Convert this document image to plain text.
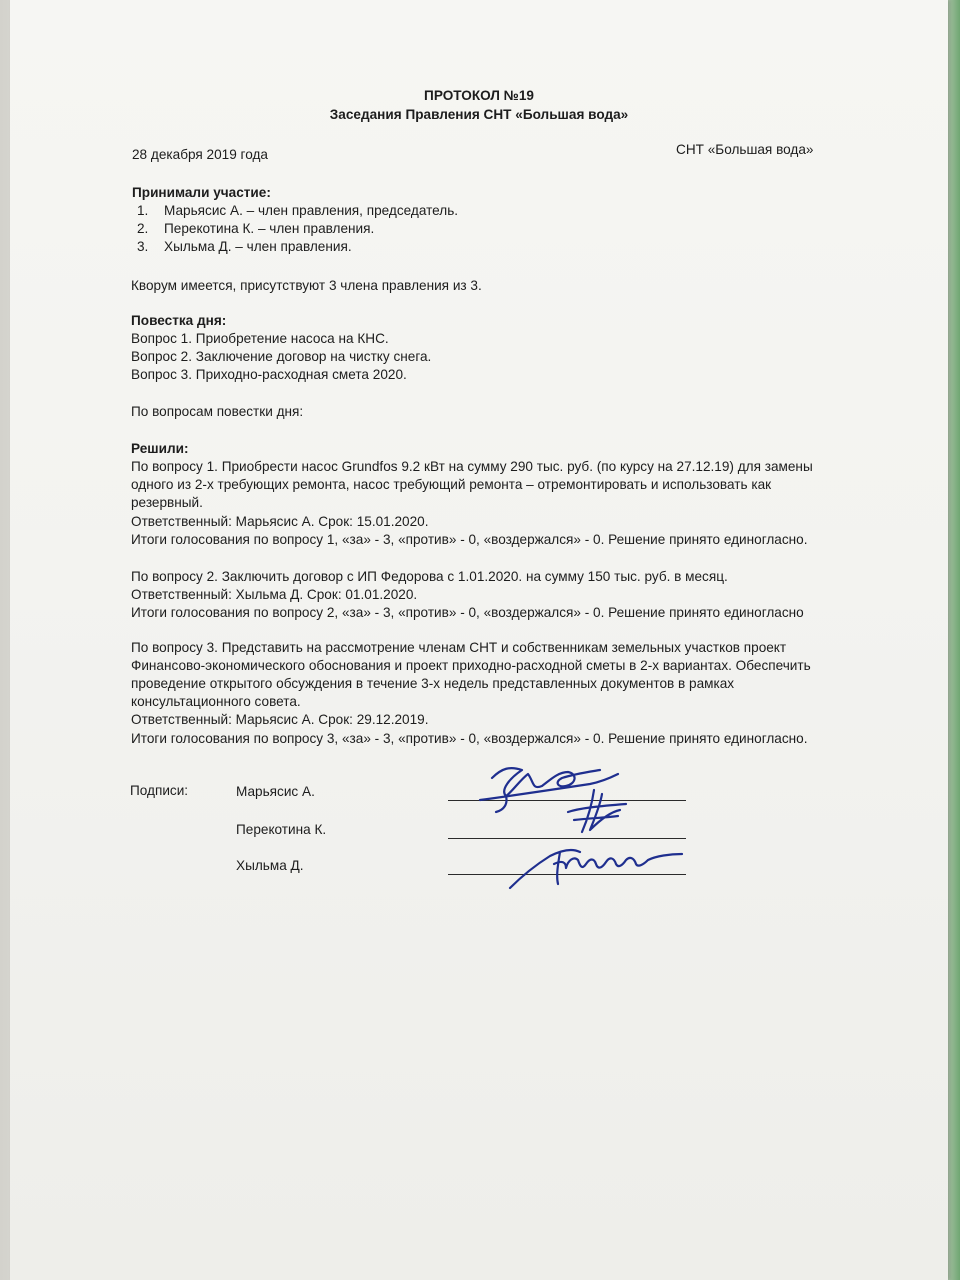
ПРОТОКОЛ №19
Заседания Правления СНТ «Большая вода»
28 декабря 2019 года	СНТ «Большая вода»
Принимали участие:
1. Марьясис А. – член правления, председатель.
2. Перекотина К. – член правления.
3. Хыльма Д. – член правления.
Кворум имеется, присутствуют 3 члена правления из 3.
Повестка дня:
Вопрос 1. Приобретение насоса на КНС.
Вопрос 2. Заключение договор на чистку снега.
Вопрос 3. Приходно-расходная смета 2020.
По вопросам повестки дня:
Решили:
По вопросу 1. Приобрести насос Grundfos 9.2 кВт на сумму 290 тыс. руб. (по курсу на 27.12.19) для замены
одного из 2-х требующих ремонта, насос требующий ремонта – отремонтировать и использовать как
резервный.
Ответственный: Марьясис А. Срок: 15.01.2020.
Итоги голосования по вопросу 1, «за» - 3, «против» - 0, «воздержался» - 0. Решение принято единогласно.
По вопросу 2. Заключить договор с ИП Федорова с 1.01.2020. на сумму 150 тыс. руб. в месяц.
Ответственный: Хыльма Д. Срок: 01.01.2020.
Итоги голосования по вопросу 2, «за» - 3, «против» - 0, «воздержался» - 0. Решение принято единогласно
По вопросу 3. Представить на рассмотрение членам СНТ и собственникам земельных участков проект
Финансово-экономического обоснования и проект приходно-расходной сметы в 2-х вариантах. Обеспечить
проведение открытого обсуждения в течение 3-х недель представленных документов в рамках
консультационного совета.
Ответственный: Марьясис А. Срок: 29.12.2019.
Итоги голосования по вопросу 3, «за» - 3, «против» - 0, «воздержался» - 0. Решение принято единогласно.
Подписи:	Марьясис А.
Перекотина К.
Хыльма Д.
